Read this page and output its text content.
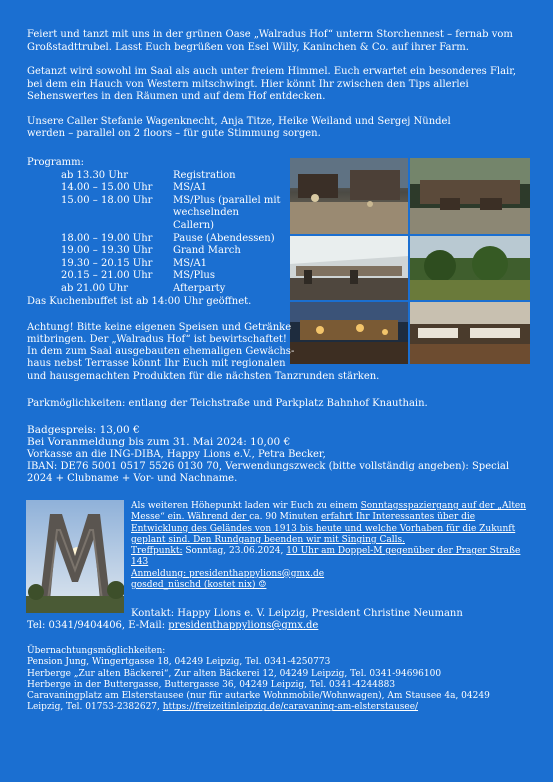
Feiert und tanzt mit uns in der grünen Oase „Walradus Hof“ unterm Storchennest – fernab vom Großstadttrubel. Lasst Euch begrüßen von Esel Willy, Kaninchen & Co. auf ihrer Farm.

Getanzt wird sowohl im Saal als auch unter freiem Himmel. Euch erwartet ein besonderes Flair, bei dem ein Hauch von Western mitschwingt. Hier könnt Ihr zwischen den Tips allerlei Sehenswertes in den Räumen und auf dem Hof entdecken.

Unsere Caller Stefanie Wagenknecht, Anja Titze, Heike Weiland und Sergej Nündel

werden – parallel on 2 floors – für gute Stimmung sorgen.

Programm:
ab 13.30 Uhr	Registration
14.00 – 15.00 Uhr	MS/A1
15.00 – 18.00 Uhr	MS/Plus (parallel mit
wechselnden Callern)
18.00 – 19.00 Uhr	Pause (Abendessen)
19.00 – 19.30 Uhr	Grand March
19.30 – 20.15 Uhr	MS/A1
20.15 – 21.00 Uhr	MS/Plus
ab 21.00 Uhr	Afterparty

Das Kuchenbuffet ist ab 14:00 Uhr geöffnet.

Achtung! Bitte keine eigenen Speisen und Getränke

mitbringen. Der „Walradus Hof“ ist bewirtschaftet!

In dem zum Saal ausgebauten ehemaligen Gewächs-

haus nebst Terrasse könnt Ihr Euch mit regionalen

und hausgemachten Produkten für die nächsten Tanzrunden stärken.

Parkmöglichkeiten: entlang der Teichstraße und Parkplatz Bahnhof Knauthain.

Badgespreis: 13,00 €

Bei Voranmeldung bis zum 31. Mai 2024: 10,00 €

Vorkasse an die ING-DIBA, Happy Lions e.V., Petra Becker,

IBAN: DE76 5001 0517 5526 0130 70, Verwendungszweck (bitte vollständig angeben): Special

2024 + Clubname + Vor- und Nachname.

Als weiteren Höhepunkt laden wir Euch zu einem Sonntagsspaziergang auf der „Alten
Messe“ ein. Während der ca. 90 Minuten erfahrt Ihr Interessantes über die
Entwicklung des Geländes von 1913 bis heute und welche Vorhaben für die Zukunft
geplant sind. Den Rundgang beenden wir mit Singing Calls.
Treffpunkt: Sonntag, 23.06.2024, 10 Uhr am Doppel-M gegenüber der Prager Straße
143
Anmeldung: presidenthappylions@gmx.de
gosded_nüschd (kostet nix) ☺

Kontakt: Happy Lions e. V. Leipzig, President Christine Neumann

Tel: 0341/9404406, E-Mail: presidenthappylions@gmx.de

Übernachtungsmöglichkeiten:
Pension Jung, Wingertgasse 18, 04249 Leipzig, Tel. 0341-4250773
Herberge „Zur alten Bäckerei“, Zur alten Bäckerei 12, 04249 Leipzig, Tel. 0341-94696100
Herberge in der Buttergasse, Buttergasse 36, 04249 Leipzig, Tel. 0341-4244883
Caravaningplatz am Elsterstausee (nur für autarke Wohnmobile/Wohnwagen), Am Stausee 4a, 04249
Leipzig, Tel. 01753-2382627, https://freizeitinleipzig.de/caravaning-am-elsterstausee/
